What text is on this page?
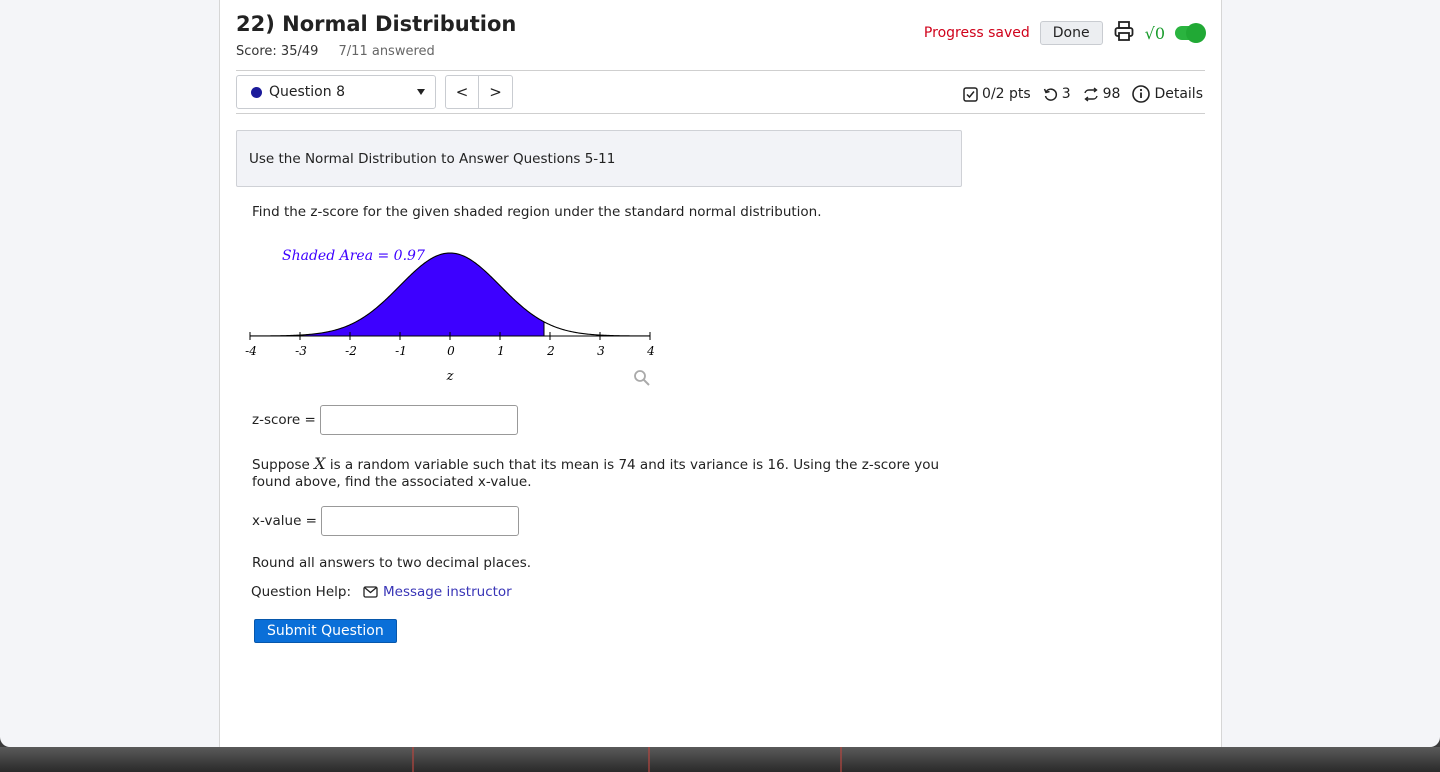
22) Normal Distribution
Score: 35/49 7/11 answered
Progress saved	Done	√0
Question 8	<	>	0/2 pts 3 98 Details
Use the Normal Distribution to Answer Questions 5-11
Find the z-score for the given shaded region under the standard normal distribution.
-4	-3	-2	-1	0	1	2	3	4
z
Shaded Area = 0.97
z-score =
Suppose X is a random variable such that its mean is 74 and its variance is 16. Using the z-score you found above, find the associated x-value.
x-value =
Round all answers to two decimal places.
Question Help: Message instructor
Submit Question
